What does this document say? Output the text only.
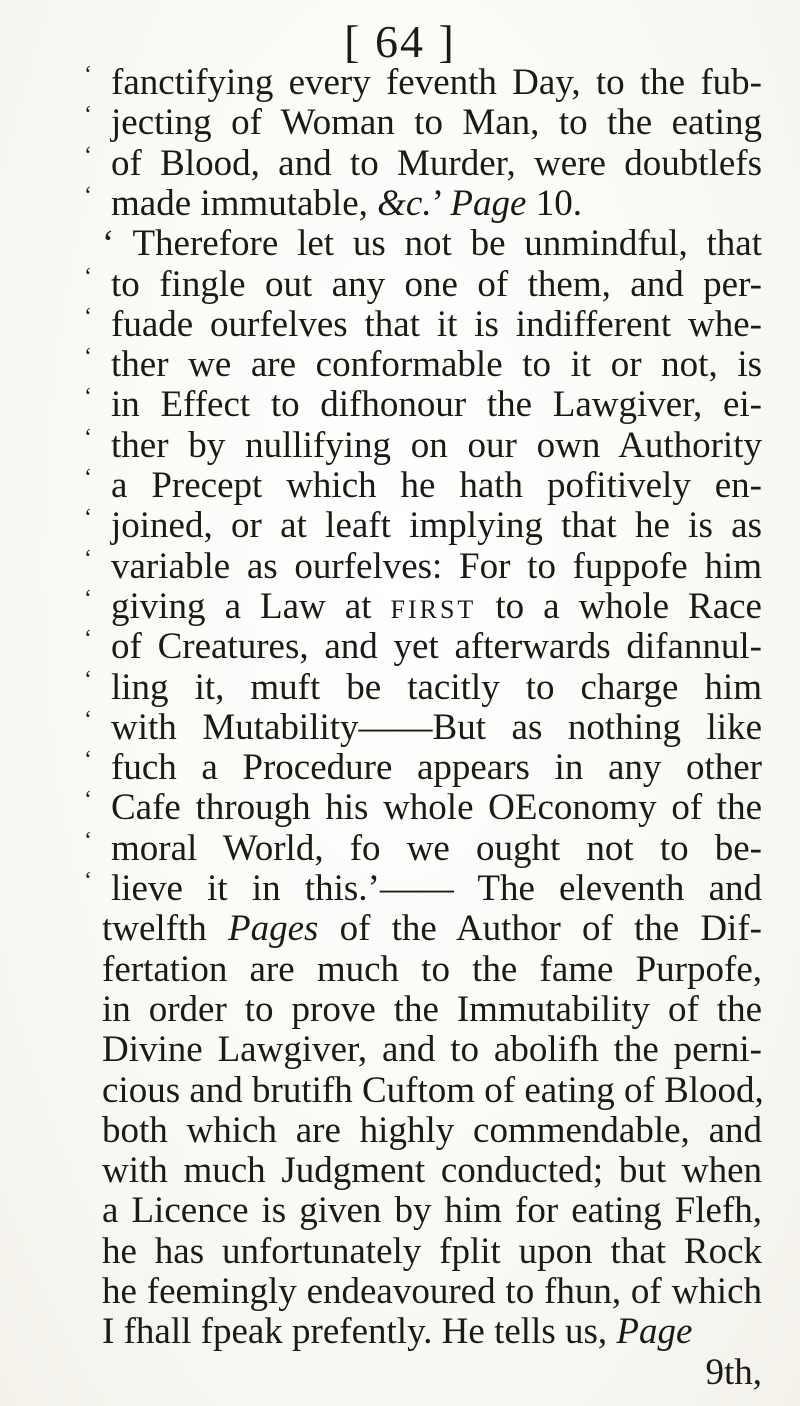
[ 64 ]
‘ fanctifying every feventh Day, to the fub-
‘ jecting of Woman to Man, to the eating
‘ of Blood, and to Murder, were doubtlefs
‘ made immutable, &c.’ Page 10.
‘ Therefore let us not be unmindful, that
‘ to fingle out any one of them, and per-
‘ fuade ourfelves that it is indifferent whe-
‘ ther we are conformable to it or not, is
‘ in Effect to difhonour the Lawgiver, ei-
‘ ther by nullifying on our own Authority
‘ a Precept which he hath pofitively en-
‘ joined, or at leaft implying that he is as
‘ variable as ourfelves: For to fuppofe him
‘ giving a Law at FIRST to a whole Race
‘ of Creatures, and yet afterwards difannul-
‘ ling it, muft be tacitly to charge him
‘ with Mutability——But as nothing like
‘ fuch a Procedure appears in any other
‘ Cafe through his whole OEconomy of the
‘ moral World, fo we ought not to be-
‘ lieve it in this.’—— The eleventh and
twelfth Pages of the Author of the Dif-
fertation are much to the fame Purpofe,
in order to prove the Immutability of the
Divine Lawgiver, and to abolifh the perni-
cious and brutifh Cuftom of eating of Blood,
both which are highly commendable, and
with much Judgment conducted; but when
a Licence is given by him for eating Flefh,
he has unfortunately fplit upon that Rock
he feemingly endeavoured to fhun, of which
I fhall fpeak prefently. He tells us, Page
9th,
